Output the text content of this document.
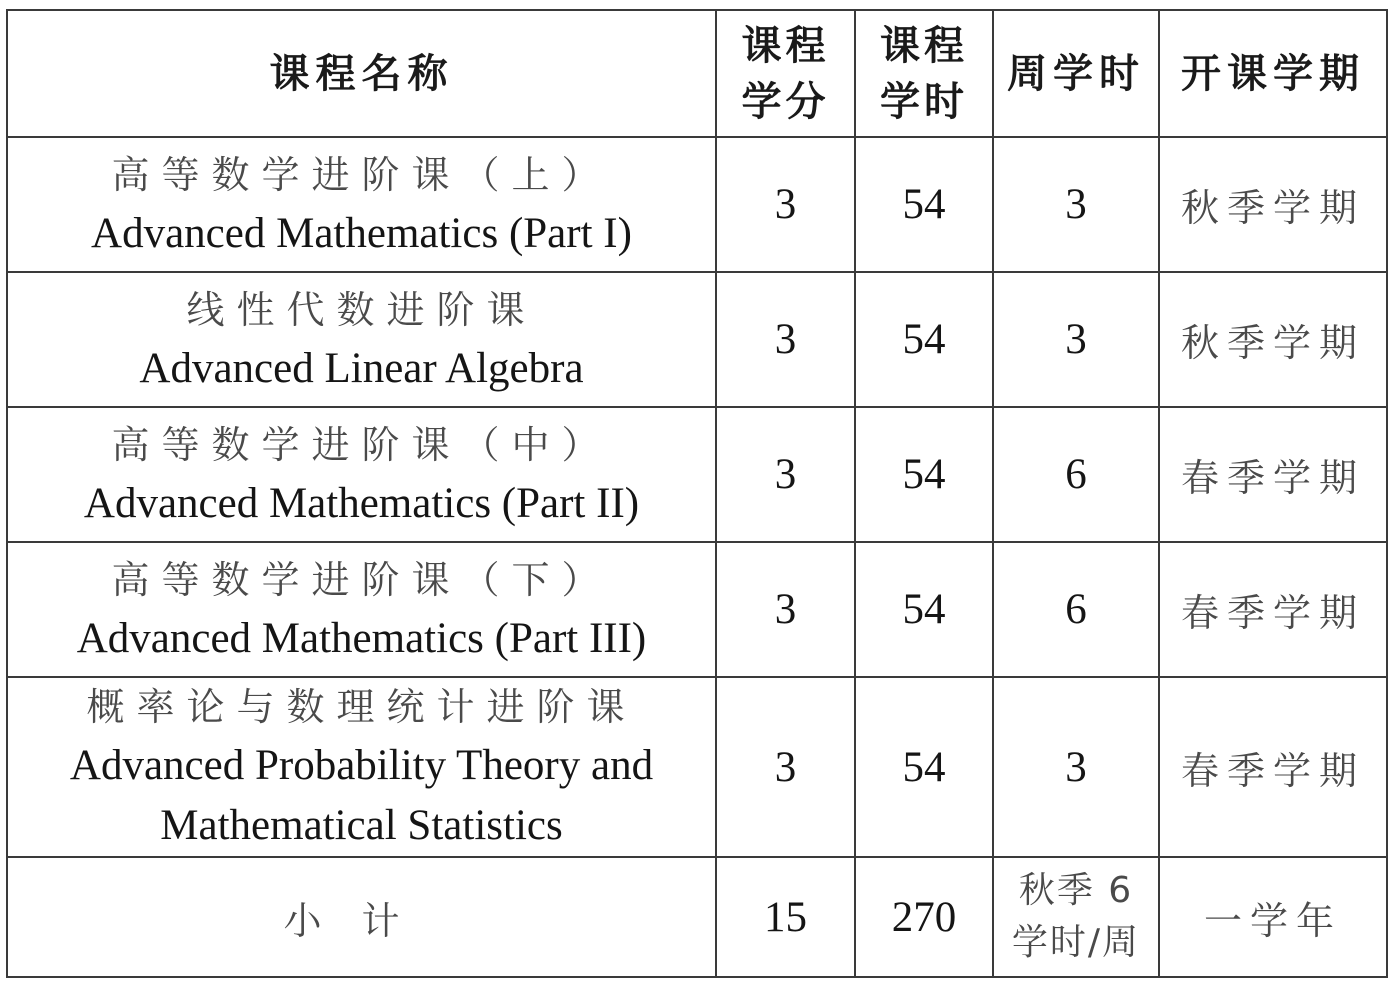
课程名称	课程学分	课程学时	周学时	开课学期

高等数学进阶课（上）
Advanced Mathematics (Part I)	3	54	3	秋季学期

线性代数进阶课
Advanced Linear Algebra	3	54	3	秋季学期

高等数学进阶课（中）
Advanced Mathematics (Part II)	3	54	6	春季学期

高等数学进阶课（下）
Advanced Mathematics (Part III)	3	54	6	春季学期

概率论与数理统计进阶课
Advanced Probability Theory and Mathematical Statistics	3	54	3	春季学期
小计	15	270	秋季 6 学时/周	一学年
